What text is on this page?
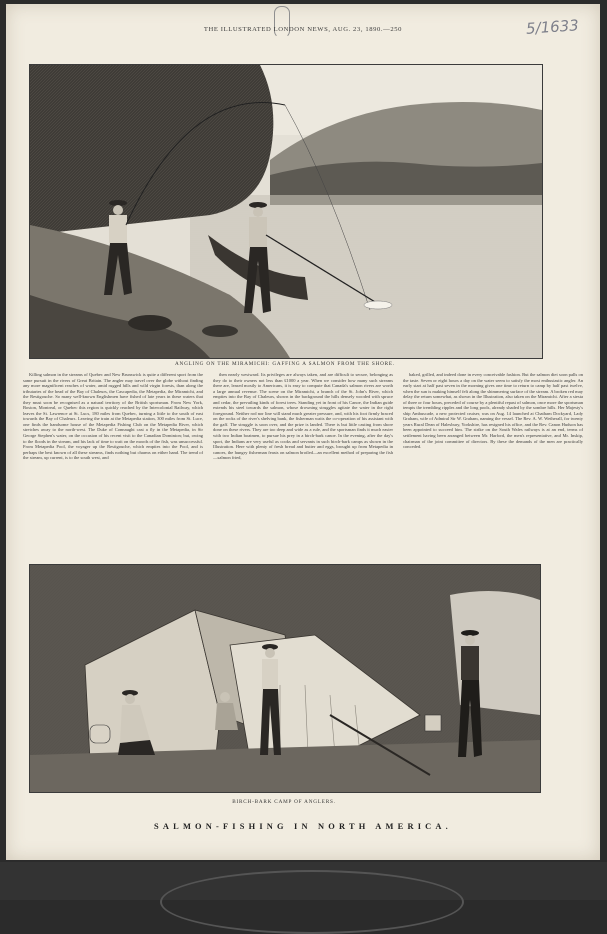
THE ILLUSTRATED LONDON NEWS, AUG. 23, 1890.—250	5/1633
ANGLING ON THE MIRAMICHI: GAFFING A SALMON FROM THE SHORE.

Killing salmon in the streams of Quebec and New Brunswick is quite a different sport from the same pursuit in the rivers of Great Britain. The angler may travel over the globe without finding any more magnificent reaches of water, amid rugged hills and wild virgin forests, than along the tributaries of the head of the Bay of Chaleurs, the Cascapedia, the Metapedia, the Miramichi, and the Restigouche. So many well-known Englishmen have fished of late years in these waters that they must soon be recognised as a natural territory of the British sportsman. From New York, Boston, Montreal, or Quebec this region is quickly reached by the Intercolonial Railway, which leaves the St. Lawrence at St. Lucs, 180 miles from Quebec, turning a little to the south of east towards the Bay of Chaleurs. Leaving the train at the Metapedia station, 300 miles from St. Luce, one finds the handsome house of the Metapedia Fishing Club on the Metapedia River, which stretches away to the north-west. The Duke of Connaught cast a fly in the Metapedia, in Sir George Stephen's water, on the occasion of his recent visit to the Canadian Dominion; but, owing to the floods in the stream, and his lack of time to wait on the moods of the fish, was unsuccessful. From Metapedia Pool, the voyager up the Restigouche, which empties into the Pool, and is perhaps the best known of all these streams, finds nothing but charms on either hand. The trend of the stream, up current, is to the south west, and

then nearly westward. Its privileges are always taken, and are difficult to secure, belonging as they do to their owners not less than £1000 a year. When we consider how many such streams there are, leased mostly to Americans, it is easy to compute that Canada's salmon rivers are worth a large annual revenue. The scene on the Miramichi, a branch of the St. John's River, which empties into the Bay of Chaleurs, shown in the background the hills densely wooded with spruce and cedar, the prevailing kinds of forest trees. Standing yet in front of his Canoe, the Indian guide extends his steel towards the salmon, whose drowning struggles agitate the water in the right foreground. Neither rod nor line will stand much greater pressure, and, with his foot firmly braced on the rocks of the river's shelving bank, the fisherman waits the co-operation of his assistant with the gaff. The struggle is soon over, and the prize is landed. There is but little casting from shore done on these rivers. They are too deep and wide as a rule, and the sportsman finds it much easier with two Indian boatmen, to pursue his prey in a birch-bark canoe. In the evening, after the day's sport, the Indians are very useful as cooks and servants in such birch-bark camps as shown in the Illustration. Here with plenty of fresh bread and butter and eggs, brought up from Metapedia in canoes, the hungry fisherman feasts on salmon broiled—an excellent method of preparing the fish—salmon fried,

baked, grilled, and indeed done in every conceivable fashion. But the salmon diet soon palls on the taste. Seven or eight hours a day on the water seem to satisfy the most enthusiastic angler. An early start at half past seven in the morning gives one time to return to camp by half past twelve, when the sun is making himself felt along the shimmering surface of the stream. A broken red may delay the return somewhat, as shown in the Illustration, also taken on the Miramichi. After a siesta of three or four hours, preceded of course by a plentiful repast of salmon, once more the sportsman tempts the trembling ripples and the long pools, already shaded by the sombre hills. Her Majesty's ship Ambuscade, a new protected cruiser, was on Aug. 14 launched at Chatham Dockyard, Lady Graham, wife of Admiral Sir W. Graham, naming the vessel. The Rev. A. W. Wetherall, for twenty years Rural Dean of Halesbury, Yorkshire, has resigned his office, and the Rev. Canon Hudson has been appointed to succeed him. The strike on the South Wales railways is at an end, terms of settlement having been arranged between Mr. Harford, the men's representative, and Mr. Inskip, chairman of the joint committee of directors. By these the demands of the men are practically conceded.

BIRCH-BARK CAMP OF ANGLERS.
SALMON-FISHING IN NORTH AMERICA.
